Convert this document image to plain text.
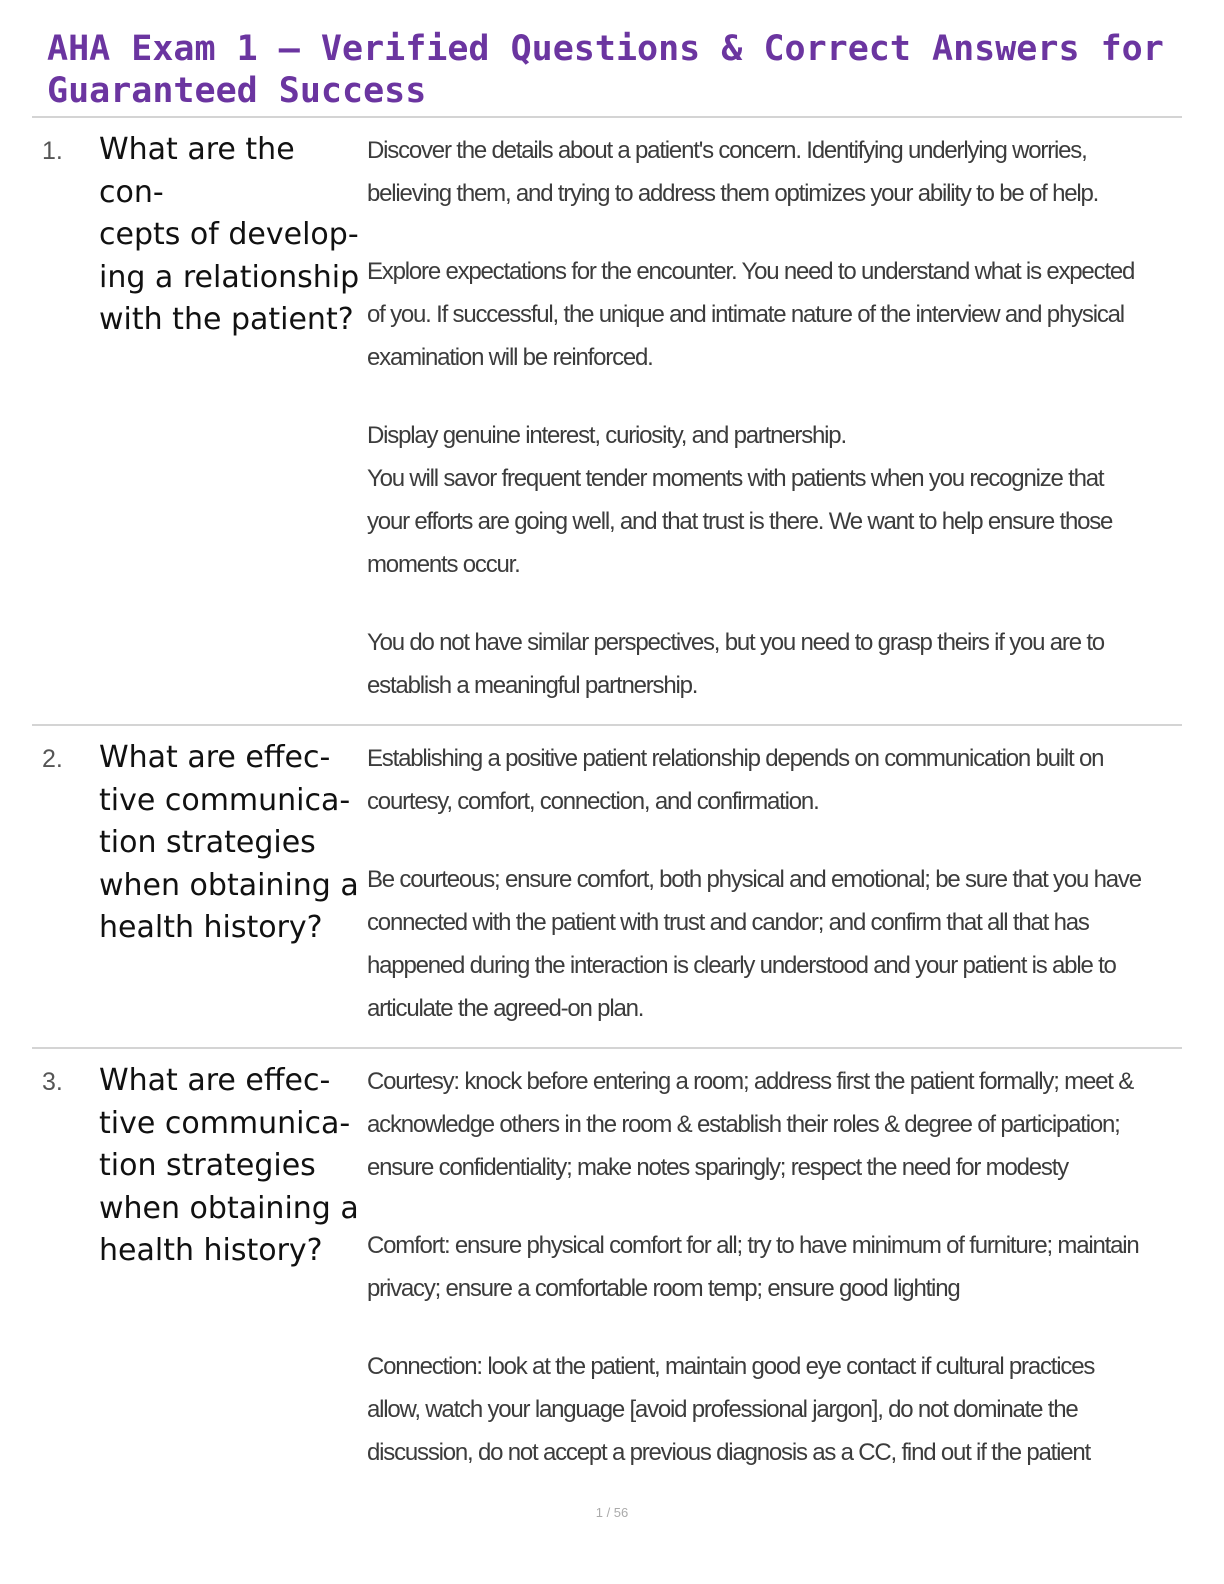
AHA Exam 1 – Verified Questions & Correct Answers for Guaranteed Success
1. What are the con-
cepts of develop-
ing a relationship
with the patient?

Discover the details about a patient's concern. Identifying underlying worries,
believing them, and trying to address them optimizes your ability to be of help.

Explore expectations for the encounter. You need to understand what is expected
of you. If successful, the unique and intimate nature of the interview and physical
examination will be reinforced.

Display genuine interest, curiosity, and partnership.
You will savor frequent tender moments with patients when you recognize that
your efforts are going well, and that trust is there. We want to help ensure those
moments occur.

You do not have similar perspectives, but you need to grasp theirs if you are to
establish a meaningful partnership.

2. What are effec-
tive communica-
tion strategies
when obtaining a
health history?

Establishing a positive patient relationship depends on communication built on
courtesy, comfort, connection, and confirmation.

Be courteous; ensure comfort, both physical and emotional; be sure that you have
connected with the patient with trust and candor; and confirm that all that has
happened during the interaction is clearly understood and your patient is able to
articulate the agreed-on plan.

3. What are effec-
tive communica-
tion strategies
when obtaining a
health history?

Courtesy: knock before entering a room; address first the patient formally; meet &
acknowledge others in the room & establish their roles & degree of participation;
ensure confidentiality; make notes sparingly; respect the need for modesty

Comfort: ensure physical comfort for all; try to have minimum of furniture; maintain
privacy; ensure a comfortable room temp; ensure good lighting

Connection: look at the patient, maintain good eye contact if cultural practices
allow, watch your language [avoid professional jargon], do not dominate the
discussion, do not accept a previous diagnosis as a CC, find out if the patient

1 / 56
